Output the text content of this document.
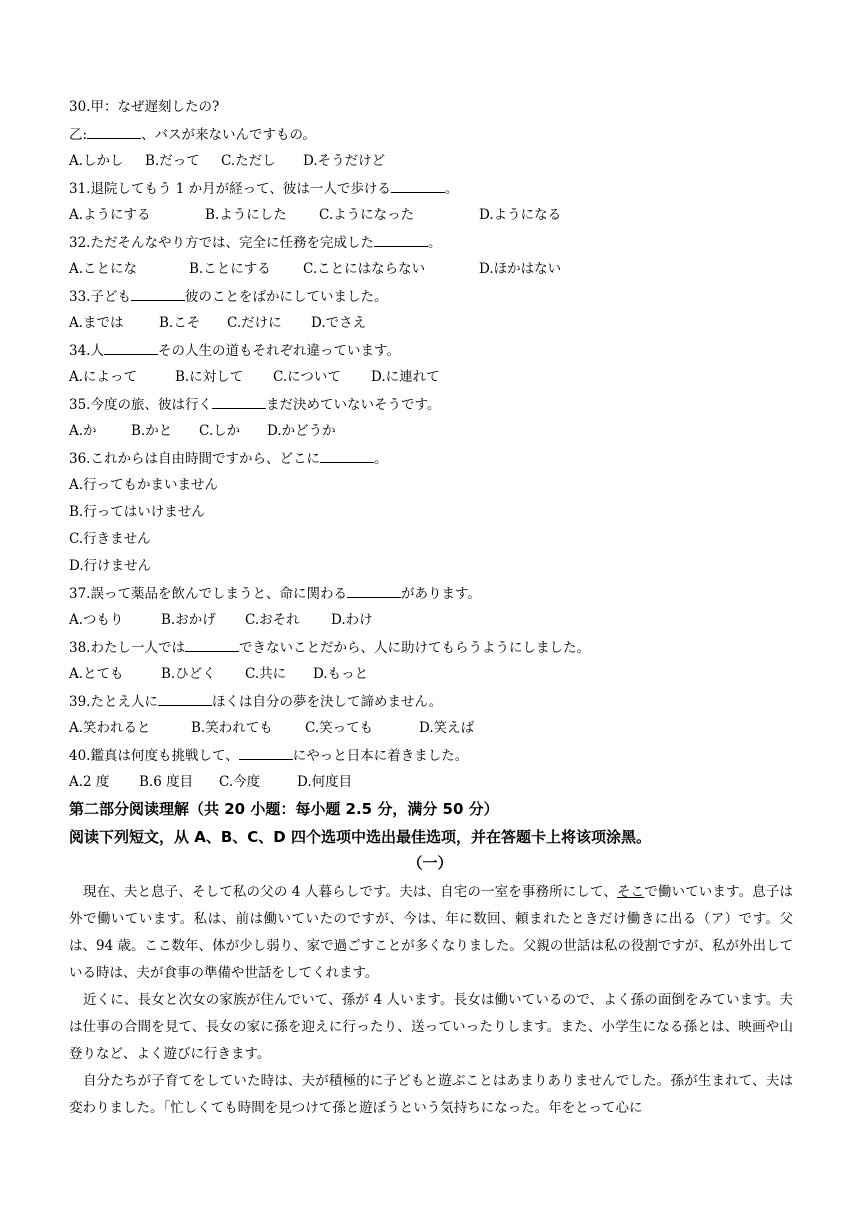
30.甲：なぜ遅刻したの?
乙:	、バスが来ないんですもの。
A.しかし B.だって C.ただし D.そうだけど
31.退院してもう 1 か月が経って、彼は一人で歩ける	。
A.ようにする	B.ようにした C.ようになった	D.ようになる
32.ただそんなやり方では、完全に任務を完成した	。
A.ことにな	B.ことにする C.ことにはならない	D.ほかはない
33.子ども	彼のことをばかにしていました。
A.までは	B.こそ C.だけに D.でさえ
34.人	その人生の道もそれぞれ違っています。
A.によって	B.に対して C.について D.に連れて
35.今度の旅、彼は行く	まだ決めていないそうです。
A.か	B.かと C.しか D.かどうか
36.これからは自由時間ですから、どこに	。
A.行ってもかまいません
B.行ってはいけません
C.行きません
D.行けません
37.誤って薬品を飲んでしまうと、命に関わる	があります。
A.つもり	B.おかげ C.おそれ D.わけ
38.わたし一人では	できないことだから、人に助けてもらうようにしました。
A.とても	B.ひどく C.共に D.もっと
39.たとえ人に	ほくは自分の夢を決して諦めません。
A.笑われると	B.笑われても C.笑っても	D.笑えば
40.鑑真は何度も挑戦して、	にやっと日本に着きました。
A.2 度 B.6 度目 C.今度	D.何度目
第二部分阅读理解（共 20 小题：每小题 2.5 分，满分 50 分）
阅读下列短文，从 A、B、C、D 四个选项中选出最佳选项，并在答题卡上将该项涂黑。
（一）

現在、夫と息子、そして私の父の 4 人暮らしです。夫は、自宅の一室を事務所にして、そこで働いています。息子は外で働いています。私は、前は働いていたのですが、今は、年に数回、頼まれたときだけ働きに出る（ア）です。父は、94 歳。ここ数年、体が少し弱り、家で過ごすことが多くなりました。父親の世話は私の役割ですが、私が外出している時は、夫が食事の準備や世話をしてくれます。

近くに、長女と次女の家族が住んでいて、孫が 4 人います。長女は働いているので、よく孫の面倒をみています。夫は仕事の合間を見て、長女の家に孫を迎えに行ったり、送っていったりします。また、小学生になる孫とは、映画や山登りなど、よく遊びに行きます。

自分たちが子育てをしていた時は、夫が積極的に子どもと遊ぶことはあまりありませんでした。孫が生まれて、夫は変わりました。「忙しくても時間を見つけて孫と遊ぼうという気持ちになった。年をとって心に
